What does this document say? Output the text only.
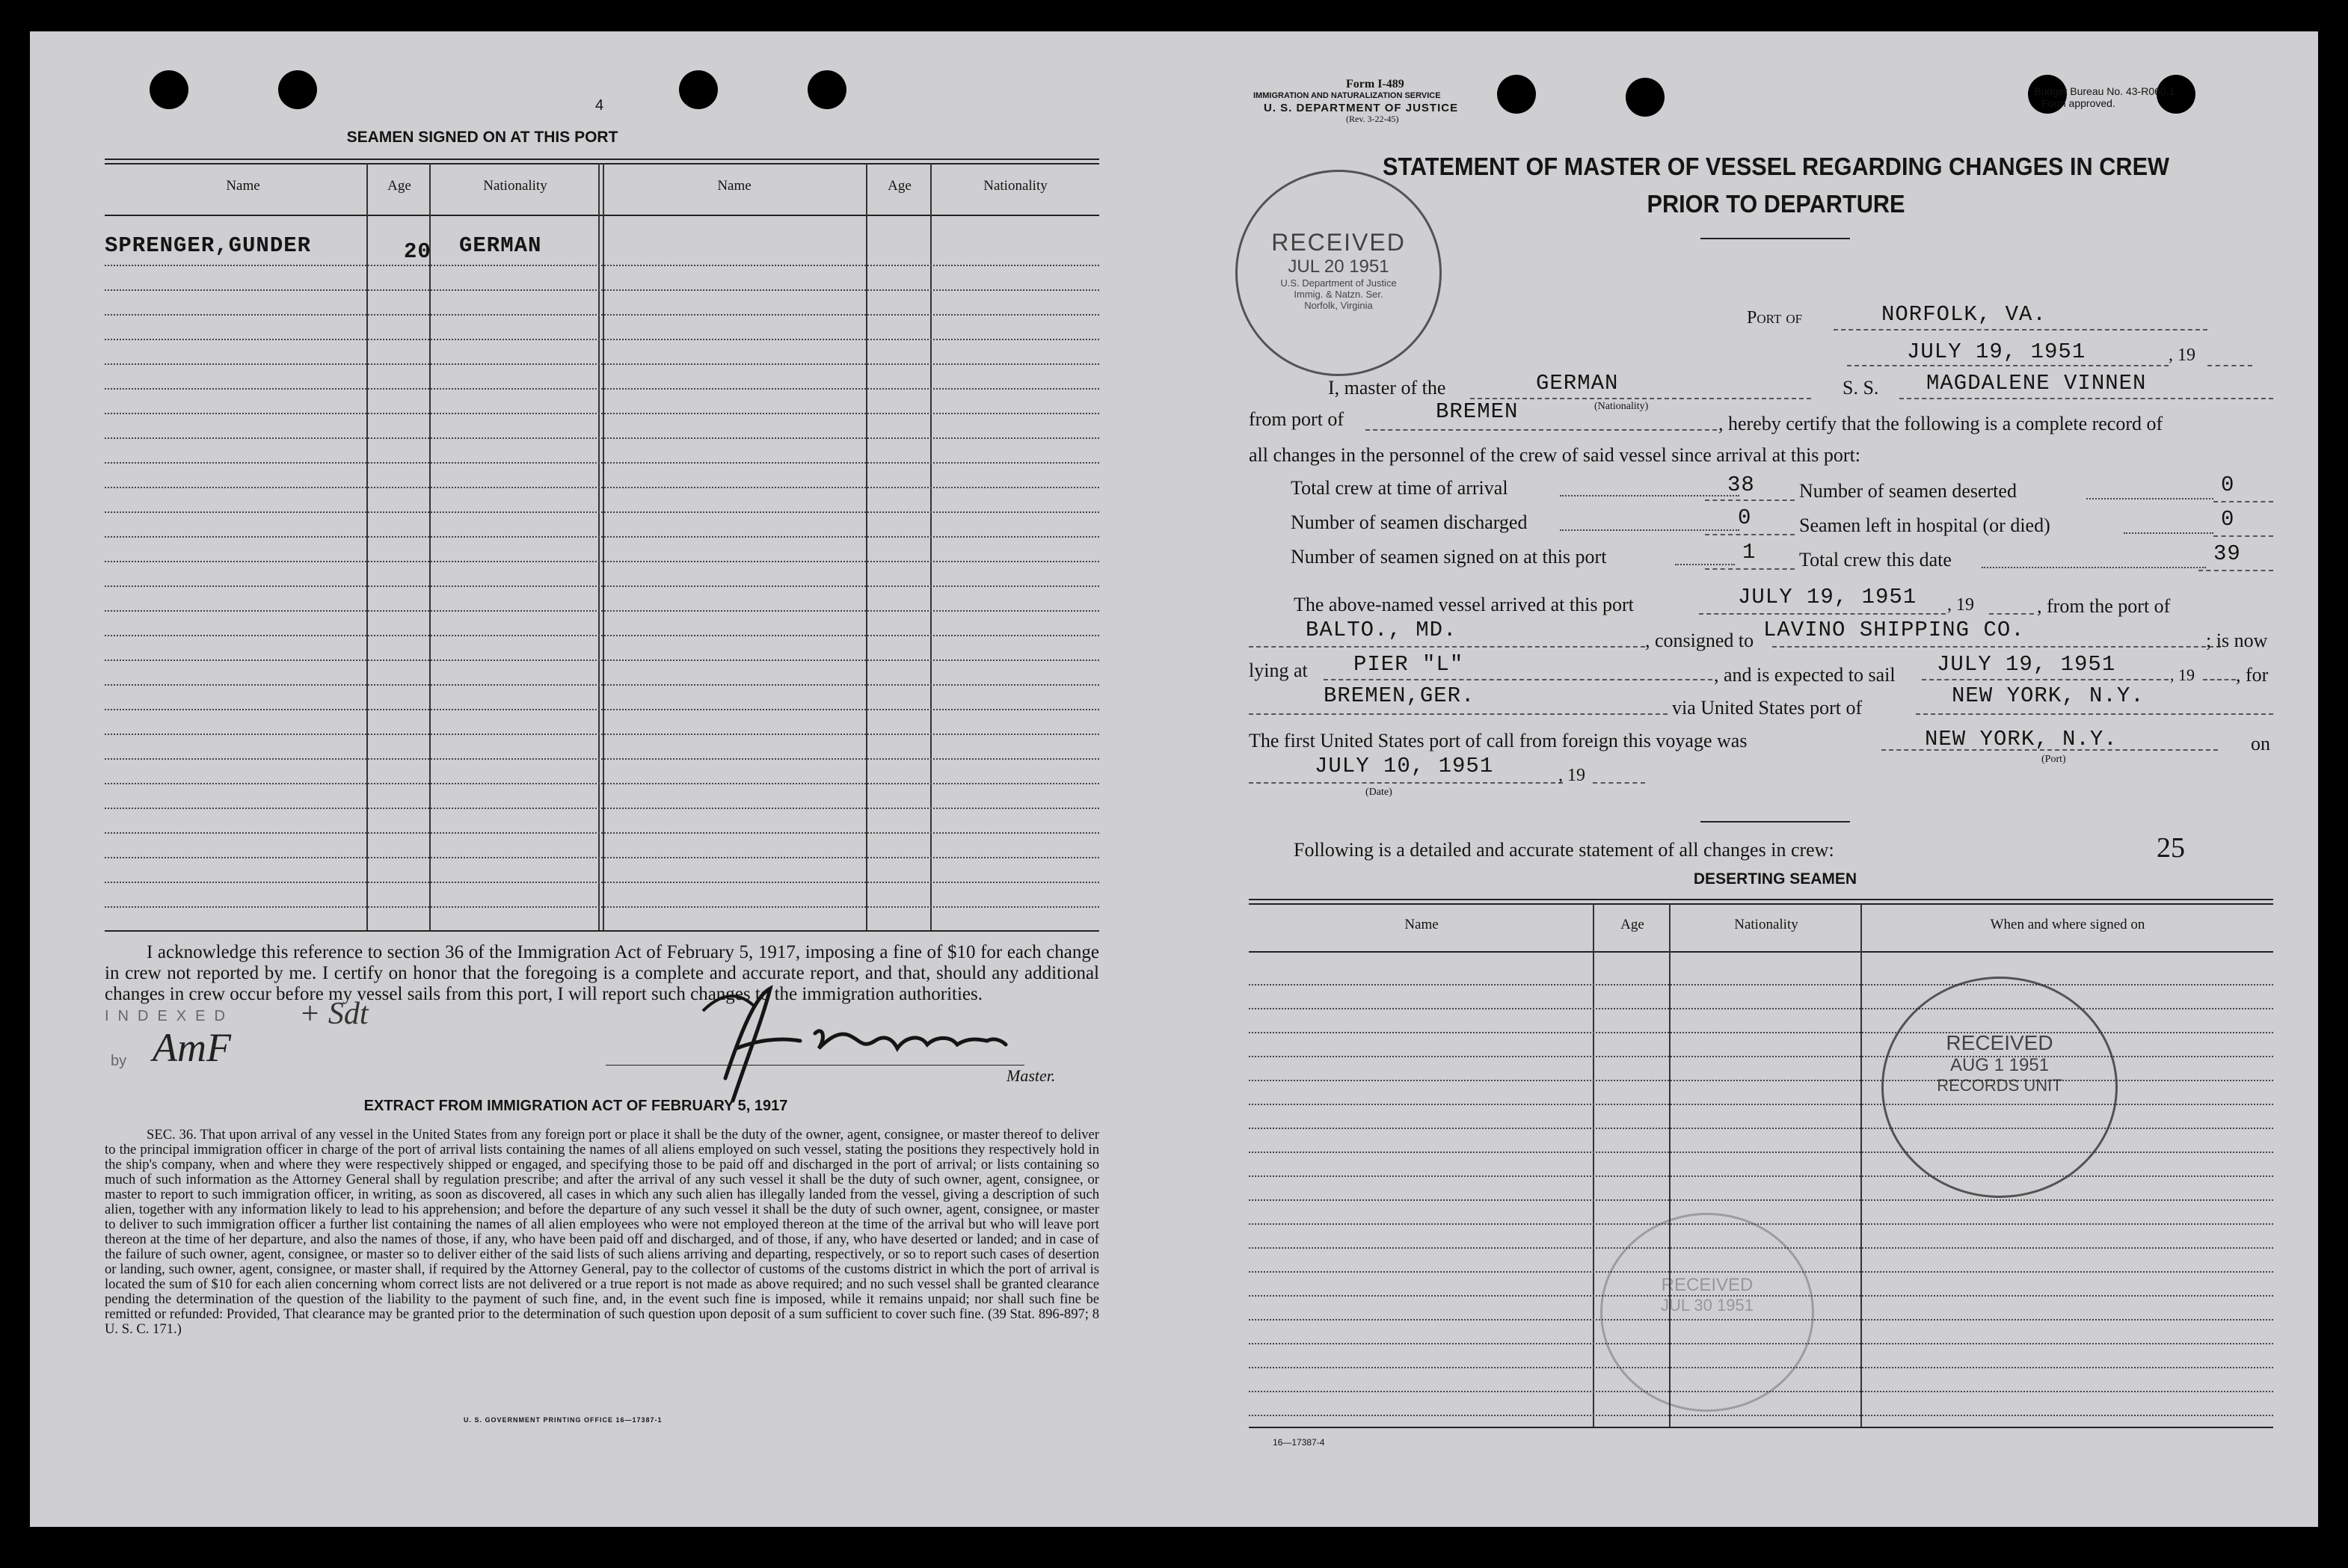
4
SEAMEN SIGNED ON AT THIS PORT
Name	Age	Nationality	Name	Age	Nationality
SPRENGER,GUNDER	20 GERMAN
I acknowledge this reference to section 36 of the Immigration Act of February 5, 1917, imposing a fine of $10 for each change in crew not reported by me. I certify on honor that the foregoing is a complete and accurate report, and that, should any additional changes in crew occur before my vessel sails from this port, I will report such changes to the immigration authorities.
INDEXED + Sdt
by AmF
Master.
EXTRACT FROM IMMIGRATION ACT OF FEBRUARY 5, 1917
SEC. 36. That upon arrival of any vessel in the United States from any foreign port or place it shall be the duty of the owner, agent, consignee, or master thereof to deliver to the principal immigration officer in charge of the port of arrival lists containing the names of all aliens employed on such vessel, stating the positions they respectively hold in the ship's company, when and where they were respectively shipped or engaged, and specifying those to be paid off and discharged in the port of arrival; or lists containing so much of such information as the Attorney General shall by regulation prescribe; and after the arrival of any such vessel it shall be the duty of such owner, agent, consignee, or master to report to such immigration officer, in writing, as soon as discovered, all cases in which any such alien has illegally landed from the vessel, giving a description of such alien, together with any information likely to lead to his apprehension; and before the departure of any such vessel it shall be the duty of such owner, agent, consignee, or master to deliver to such immigration officer a further list containing the names of all alien employees who were not employed thereon at the time of the arrival but who will leave port thereon at the time of her departure, and also the names of those, if any, who have been paid off and discharged, and of those, if any, who have deserted or landed; and in case of the failure of such owner, agent, consignee, or master so to deliver either of the said lists of such aliens arriving and departing, respectively, or so to report such cases of desertion or landing, such owner, agent, consignee, or master shall, if required by the Attorney General, pay to the collector of customs of the customs district in which the port of arrival is located the sum of $10 for each alien concerning whom correct lists are not delivered or a true report is not made as above required; and no such vessel shall be granted clearance pending the determination of the question of the liability to the payment of such fine, and, in the event such fine is imposed, while it remains unpaid; nor shall such fine be remitted or refunded: Provided, That clearance may be granted prior to the determination of such question upon deposit of a sum sufficient to cover such fine. (39 Stat. 896-897; 8 U. S. C. 171.)
U. S. GOVERNMENT PRINTING OFFICE 16—17387-1
Form I-489
IMMIGRATION AND NATURALIZATION SERVICE
U. S. DEPARTMENT OF JUSTICE
(Rev. 3-22-45)
Budget Bureau No. 43-R060.1.
Form approved.
STATEMENT OF MASTER OF VESSEL REGARDING CHANGES IN CREW
PRIOR TO DEPARTURE
Port of	NORFOLK, VA.
JULY 19, 1951	, 19
I, master of the	GERMAN
(Nationality)
S. S. MAGDALENE VINNEN
from port of	BREMEN	, hereby certify that the following is a complete record of
all changes in the personnel of the crew of said vessel since arrival at this port:
Total crew at time of arrival	38
Number of seamen discharged	0
Number of seamen signed on at this port	1
Number of seamen deserted	0
Seamen left in hospital (or died)	0
Total crew this date	39
The above-named vessel arrived at this port	JULY 19, 1951 , 19	, from the port of
BALTO., MD.	, consigned to LAVINO SHIPPING CO.	; is now
lying at PIER "L"	, and is expected to sail JULY 19, 1951	, 19 , for
BREMEN,GER.	via United States port of	NEW YORK, N.Y.
The first United States port of call from foreign this voyage was	NEW YORK, N.Y.
(Port)
on
JULY 10, 1951	, 19
(Date)
Following is a detailed and accurate statement of all changes in crew:	25
DESERTING SEAMEN
Name	Age	Nationality	When and where signed on
16—17387-4
RECEIVED
JUL 20 1951
U.S. Department of Justice
Immig. & Natzn. Ser.
Norfolk, Virginia
RECEIVED
AUG 1 1951
RECORDS UNIT
RECEIVED
JUL 30 1951
